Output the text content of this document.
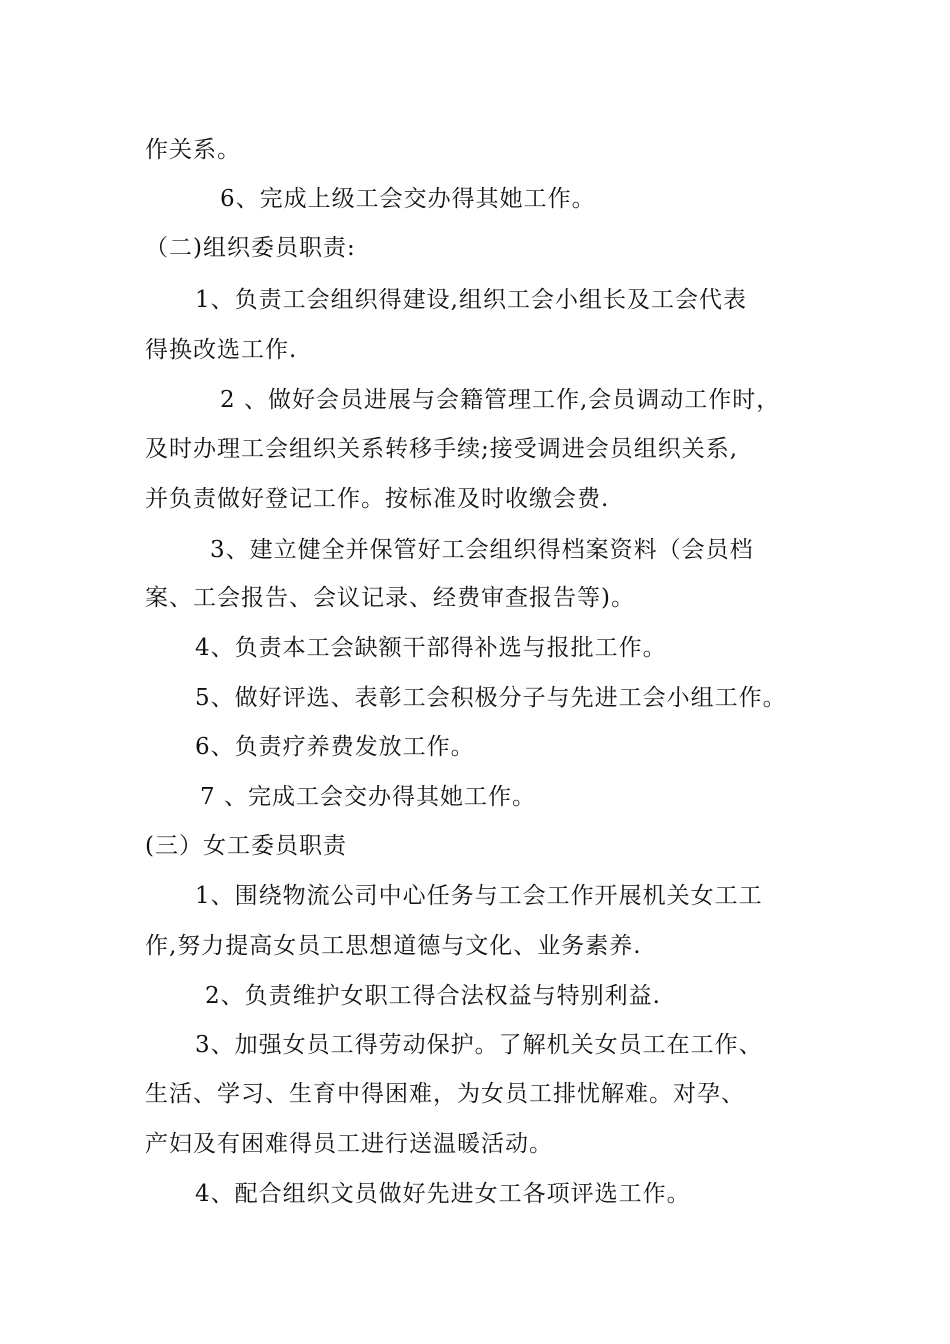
作关系。
6、完成上级工会交办得其她工作。
（二)组织委员职责:
1、负责工会组织得建设,组织工会小组长及工会代表
得换改选工作.
2 、做好会员进展与会籍管理工作,会员调动工作时，
及时办理工会组织关系转移手续;接受调进会员组织关系,
并负责做好登记工作。按标准及时收缴会费.
3、建立健全并保管好工会组织得档案资料（会员档
案、工会报告、会议记录、经费审查报告等)。
4、负责本工会缺额干部得补选与报批工作。
5、做好评选、表彰工会积极分子与先进工会小组工作。
6、负责疗养费发放工作。
7 、完成工会交办得其她工作。
(三）女工委员职责
1、围绕物流公司中心任务与工会工作开展机关女工工
作,努力提高女员工思想道德与文化、业务素养.
2、负责维护女职工得合法权益与特别利益.
3、加强女员工得劳动保护。了解机关女员工在工作、
生活、学习、生育中得困难，为女员工排忧解难。对孕、
产妇及有困难得员工进行送温暖活动。
4、配合组织文员做好先进女工各项评选工作。
